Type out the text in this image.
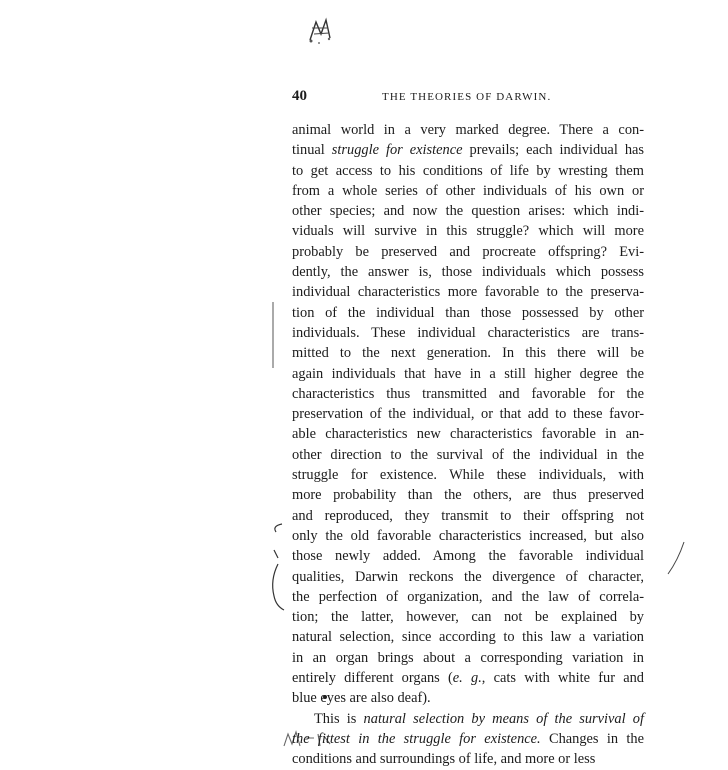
40	THE THEORIES OF DARWIN.
animal world in a very marked degree. There a con-
tinual struggle for existence prevails; each individual has
to get access to his conditions of life by wresting them
from a whole series of other individuals of his own or
other species; and now the question arises: which indi-
viduals will survive in this struggle? which will more
probably be preserved and procreate offspring? Evi-
dently, the answer is, those individuals which possess
individual characteristics more favorable to the preserva-
tion of the individual than those possessed by other
individuals. These individual characteristics are trans-
mitted to the next generation. In this there will be
again individuals that have in a still higher degree the
characteristics thus transmitted and favorable for the
preservation of the individual, or that add to these favor-
able characteristics new characteristics favorable in an-
other direction to the survival of the individual in the
struggle for existence. While these individuals, with
more probability than the others, are thus preserved
and reproduced, they transmit to their offspring not
only the old favorable characteristics increased, but also
those newly added. Among the favorable individual
qualities, Darwin reckons the divergence of character,
the perfection of organization, and the law of correla-
tion; the latter, however, can not be explained by
natural selection, since according to this law a variation
in an organ brings about a corresponding variation in
entirely different organs (e. g., cats with white fur and
blue eyes are also deaf).
This is natural selection by means of the survival of
the fittest in the struggle for existence. Changes in the
conditions and surroundings of life, and more or less
